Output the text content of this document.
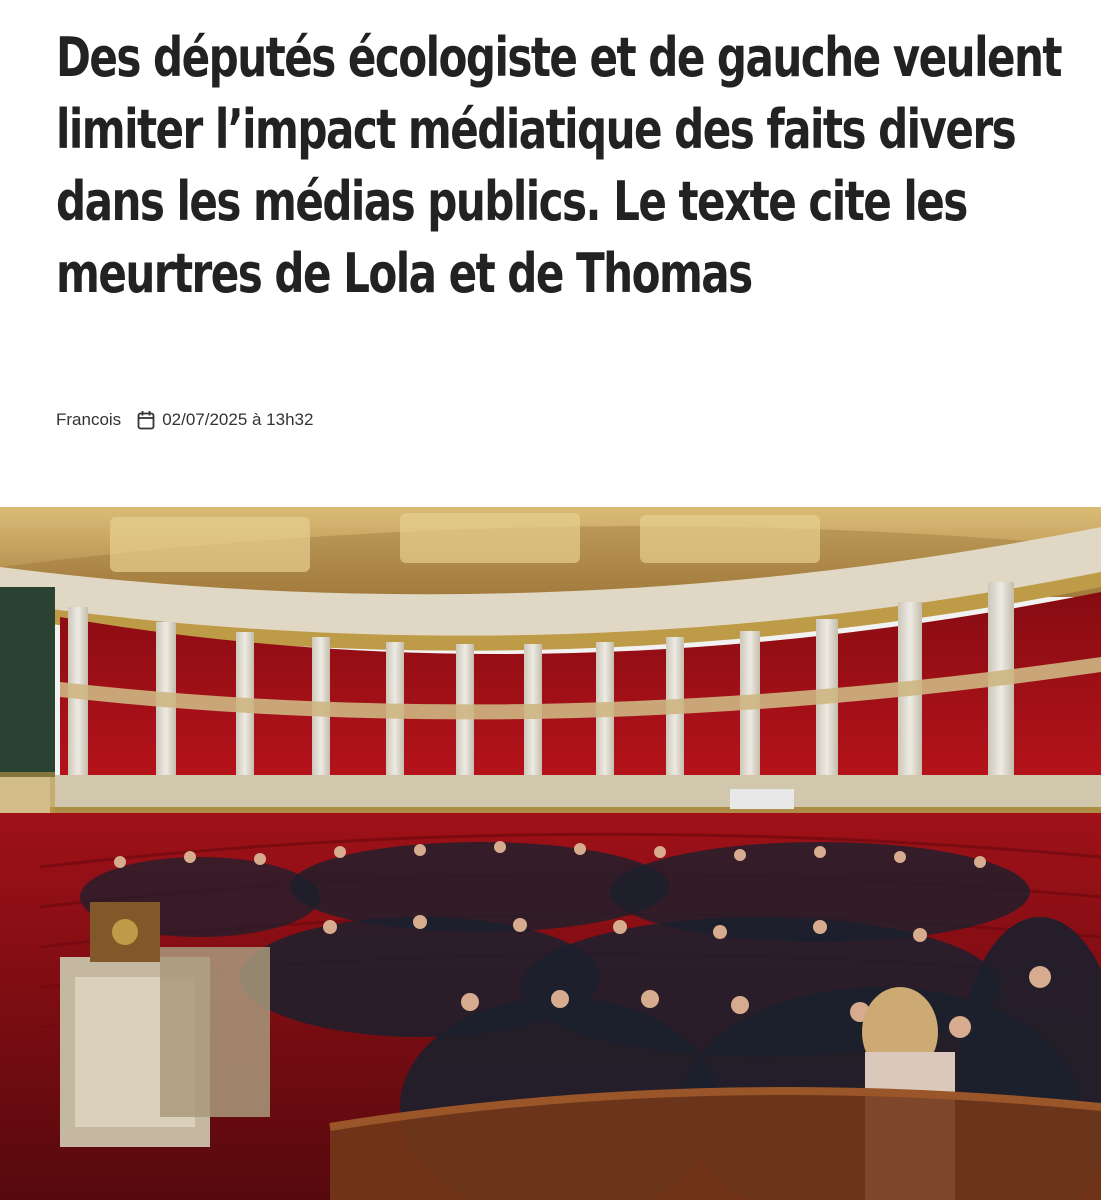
Des députés écologiste et de gauche veulent limiter l’impact médiatique des faits divers dans les médias publics. Le texte cite les meurtres de Lola et de Thomas
Francois 02/07/2025 à 13h32
